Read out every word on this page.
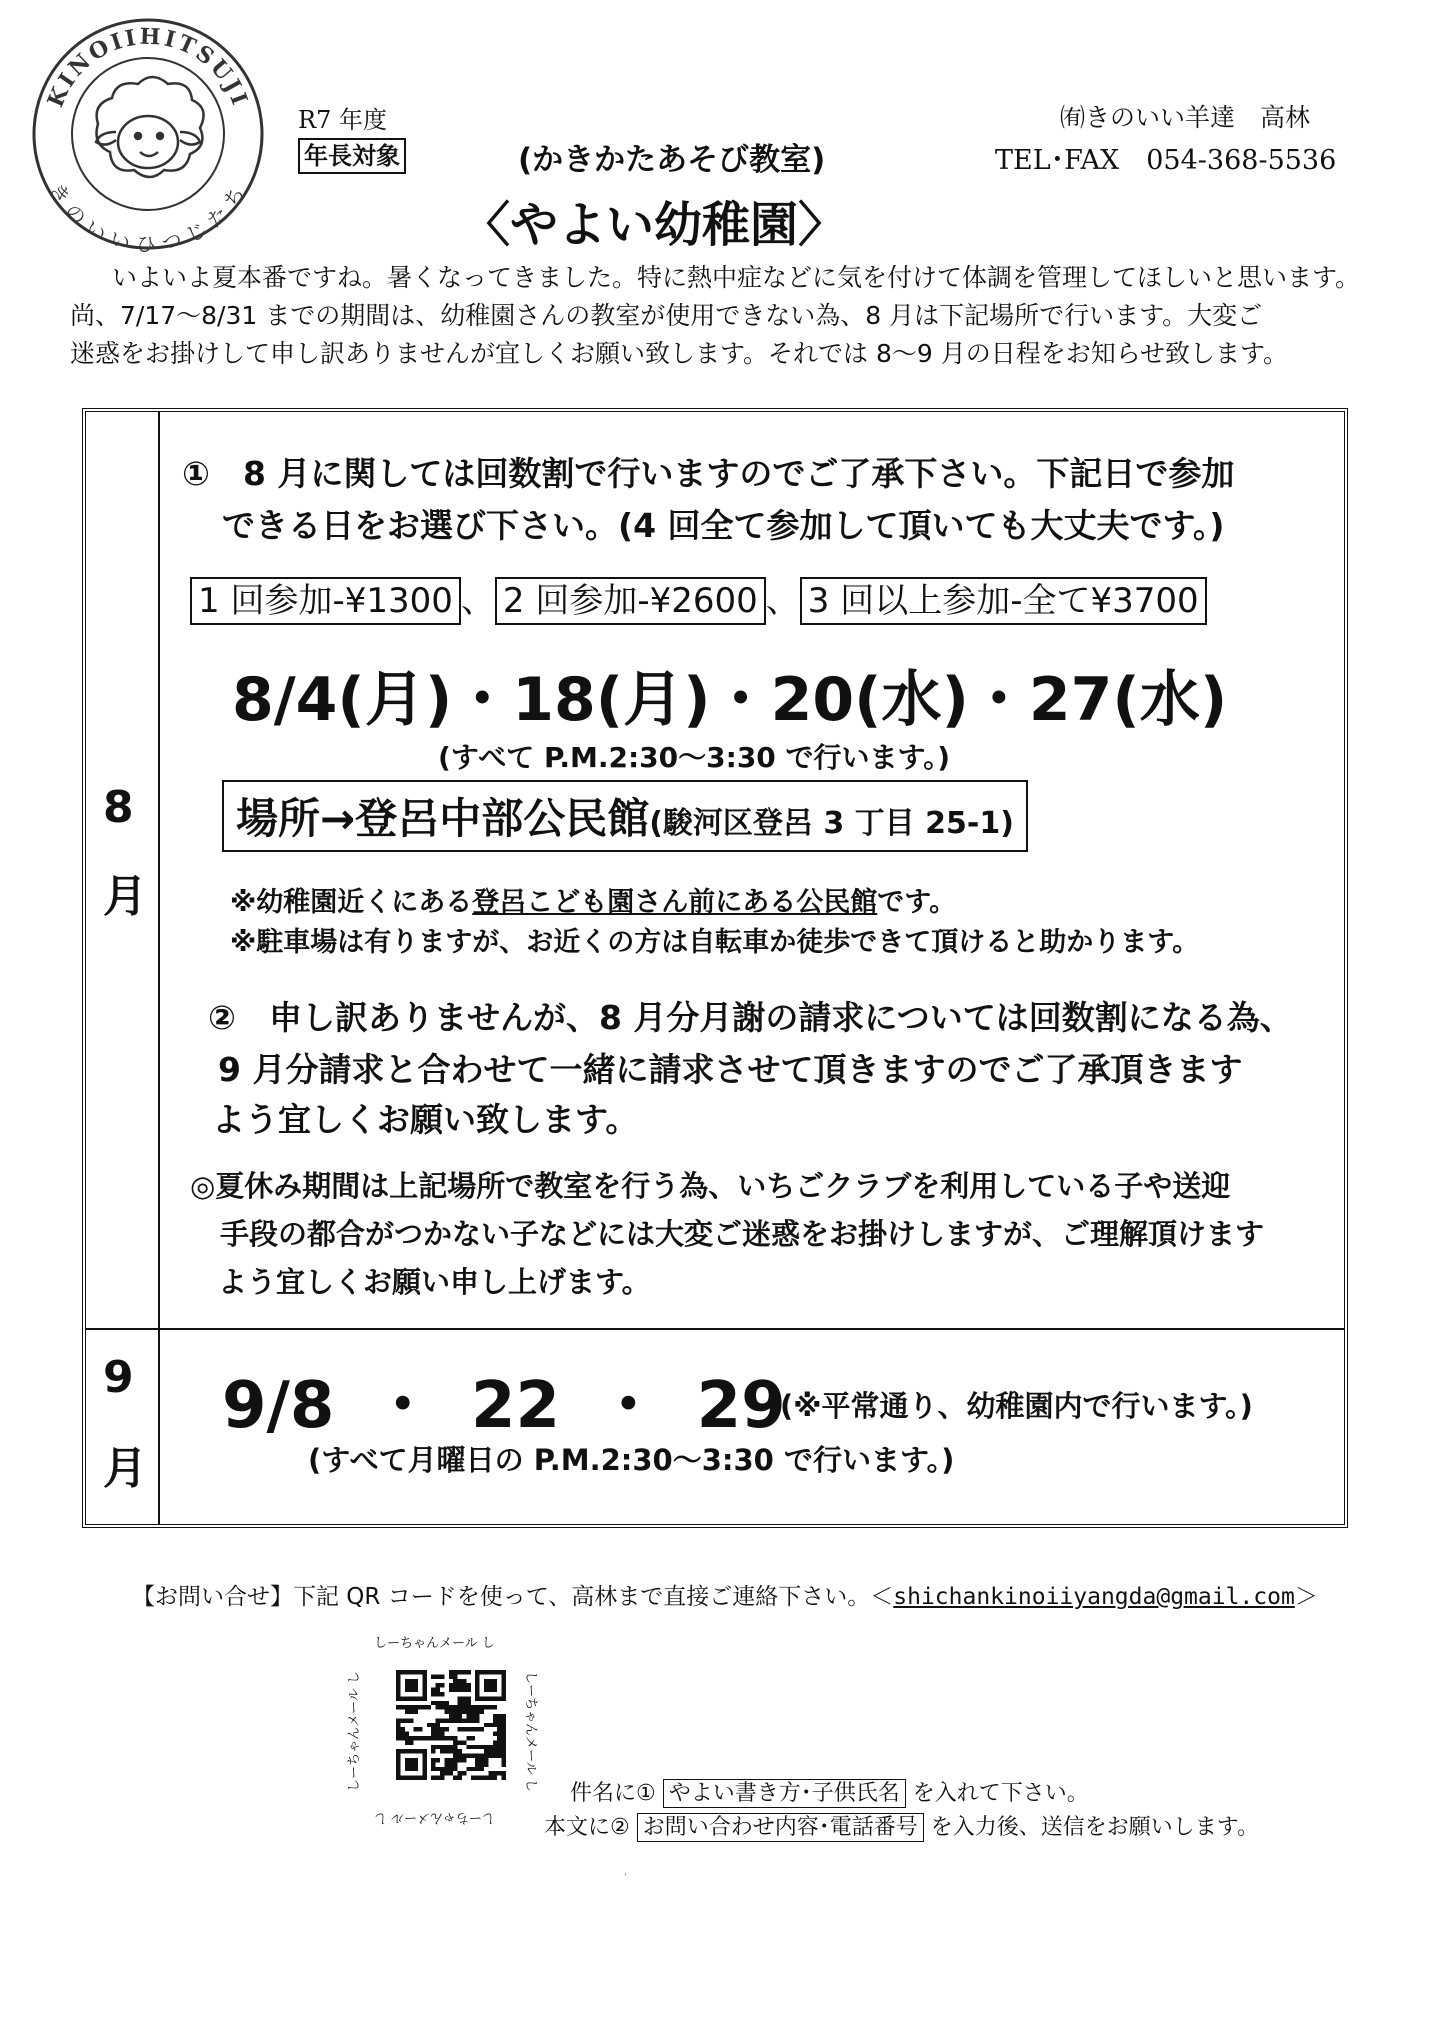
KINOIIHITSUJI
きのいいひつじたち
R7 年度
年長対象	(かきかたあそび教室)
〈やよい幼稚園〉
㈲きのいい羊達　高林
TEL･FAX　054-368-5536
いよいよ夏本番ですね。暑くなってきました。特に熱中症などに気を付けて体調を管理してほしいと思います。
尚、7/17～8/31 までの期間は、幼稚園さんの教室が使用できない為、8 月は下記場所で行います。大変ご
迷惑をお掛けして申し訳ありませんが宜しくお願い致します。それでは 8～9 月の日程をお知らせ致します。
8
月
9
月
①　8 月に関しては回数割で行いますのでご了承下さい。下記日で参加
できる日をお選び下さい。(4 回全て参加して頂いても大丈夫です。)
1 回参加‐¥1300 、 2 回参加‐¥2600 、 3 回以上参加‐全て¥3700
8/4(月)・18(月)・20(水)・27(水)
(すべて P.M.2:30～3:30 で行います。)
場所→登呂中部公民館(駿河区登呂 3 丁目 25-1)
※幼稚園近くにある登呂こども園さん前にある公民館です。
※駐車場は有りますが、お近くの方は自転車か徒歩できて頂けると助かります。
②　申し訳ありませんが、8 月分月謝の請求については回数割になる為、
9 月分請求と合わせて一緒に請求させて頂きますのでご了承頂きます
よう宜しくお願い致します。
◎夏休み期間は上記場所で教室を行う為、いちごクラブを利用している子や送迎
手段の都合がつかない子などには大変ご迷惑をお掛けしますが、ご理解頂けます
よう宜しくお願い申し上げます。
9/8 ・ 22 ・ 29
(※平常通り、幼稚園内で行います。)
(すべて月曜日の P.M.2:30～3:30 で行います。)
【お問い合せ】下記 QR コードを使って、高林まで直接ご連絡下さい。＜shichankinoiiyangda@gmail.com＞
しーちゃんメール し
しーちゃんメール し
しーちゃんメール し	しーちゃんメール し
件名に① やよい書き方･子供氏名 を入れて下さい。
本文に② お問い合わせ内容･電話番号 を入力後、送信をお願いします。
'
